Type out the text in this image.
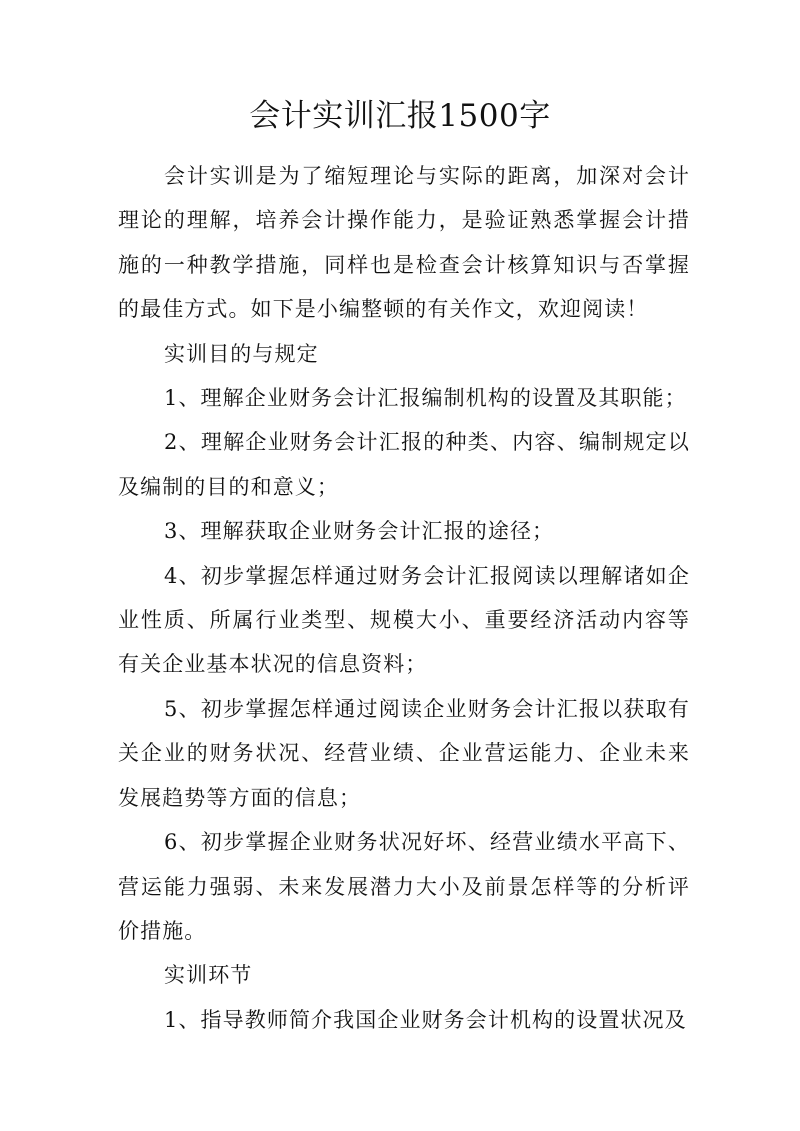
会计实训汇报1500字

会计实训是为了缩短理论与实际的距离，加深对会计理论的理解，培养会计操作能力，是验证熟悉掌握会计措施的一种教学措施，同样也是检查会计核算知识与否掌握的最佳方式。如下是小编整顿的有关作文，欢迎阅读！

实训目的与规定

1、理解企业财务会计汇报编制机构的设置及其职能；

2、理解企业财务会计汇报的种类、内容、编制规定以及编制的目的和意义；

3、理解获取企业财务会计汇报的途径；

4、初步掌握怎样通过财务会计汇报阅读以理解诸如企业性质、所属行业类型、规模大小、重要经济活动内容等有关企业基本状况的信息资料；

5、初步掌握怎样通过阅读企业财务会计汇报以获取有关企业的财务状况、经营业绩、企业营运能力、企业未来发展趋势等方面的信息；

6、初步掌握企业财务状况好坏、经营业绩水平高下、营运能力强弱、未来发展潜力大小及前景怎样等的分析评价措施。

实训环节

1、指导教师简介我国企业财务会计机构的设置状况及
